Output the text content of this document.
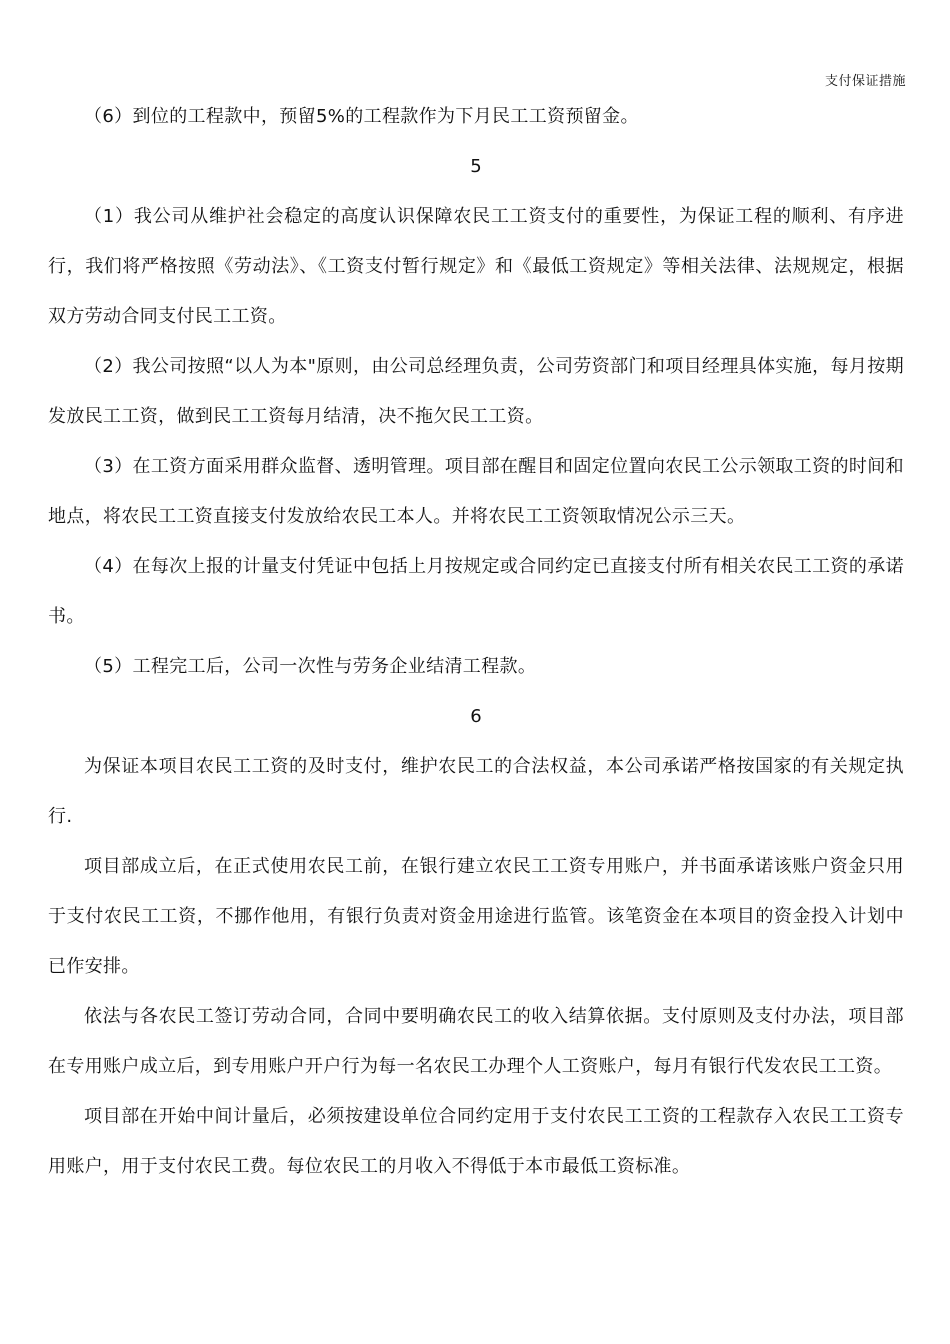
支付保证措施

（6）到位的工程款中，预留5%的工程款作为下月民工工资预留金。

5

（1）我公司从维护社会稳定的高度认识保障农民工工资支付的重要性，为保证工程的顺利、有序进行，我们将严格按照《劳动法》、《工资支付暂行规定》和《最低工资规定》等相关法律、法规规定，根据双方劳动合同支付民工工资。

（2）我公司按照“以人为本"原则，由公司总经理负责，公司劳资部门和项目经理具体实施，每月按期发放民工工资，做到民工工资每月结清，决不拖欠民工工资。

（3）在工资方面采用群众监督、透明管理。项目部在醒目和固定位置向农民工公示领取工资的时间和地点，将农民工工资直接支付发放给农民工本人。并将农民工工资领取情况公示三天。

（4）在每次上报的计量支付凭证中包括上月按规定或合同约定已直接支付所有相关农民工工资的承诺书。

（5）工程完工后，公司一次性与劳务企业结清工程款。

6

为保证本项目农民工工资的及时支付，维护农民工的合法权益，本公司承诺严格按国家的有关规定执行.

项目部成立后，在正式使用农民工前，在银行建立农民工工资专用账户，并书面承诺该账户资金只用于支付农民工工资，不挪作他用，有银行负责对资金用途进行监管。该笔资金在本项目的资金投入计划中已作安排。

依法与各农民工签订劳动合同，合同中要明确农民工的收入结算依据。支付原则及支付办法，项目部在专用账户成立后，到专用账户开户行为每一名农民工办理个人工资账户，每月有银行代发农民工工资。

项目部在开始中间计量后，必须按建设单位合同约定用于支付农民工工资的工程款存入农民工工资专用账户，用于支付农民工费。每位农民工的月收入不得低于本市最低工资标准。
